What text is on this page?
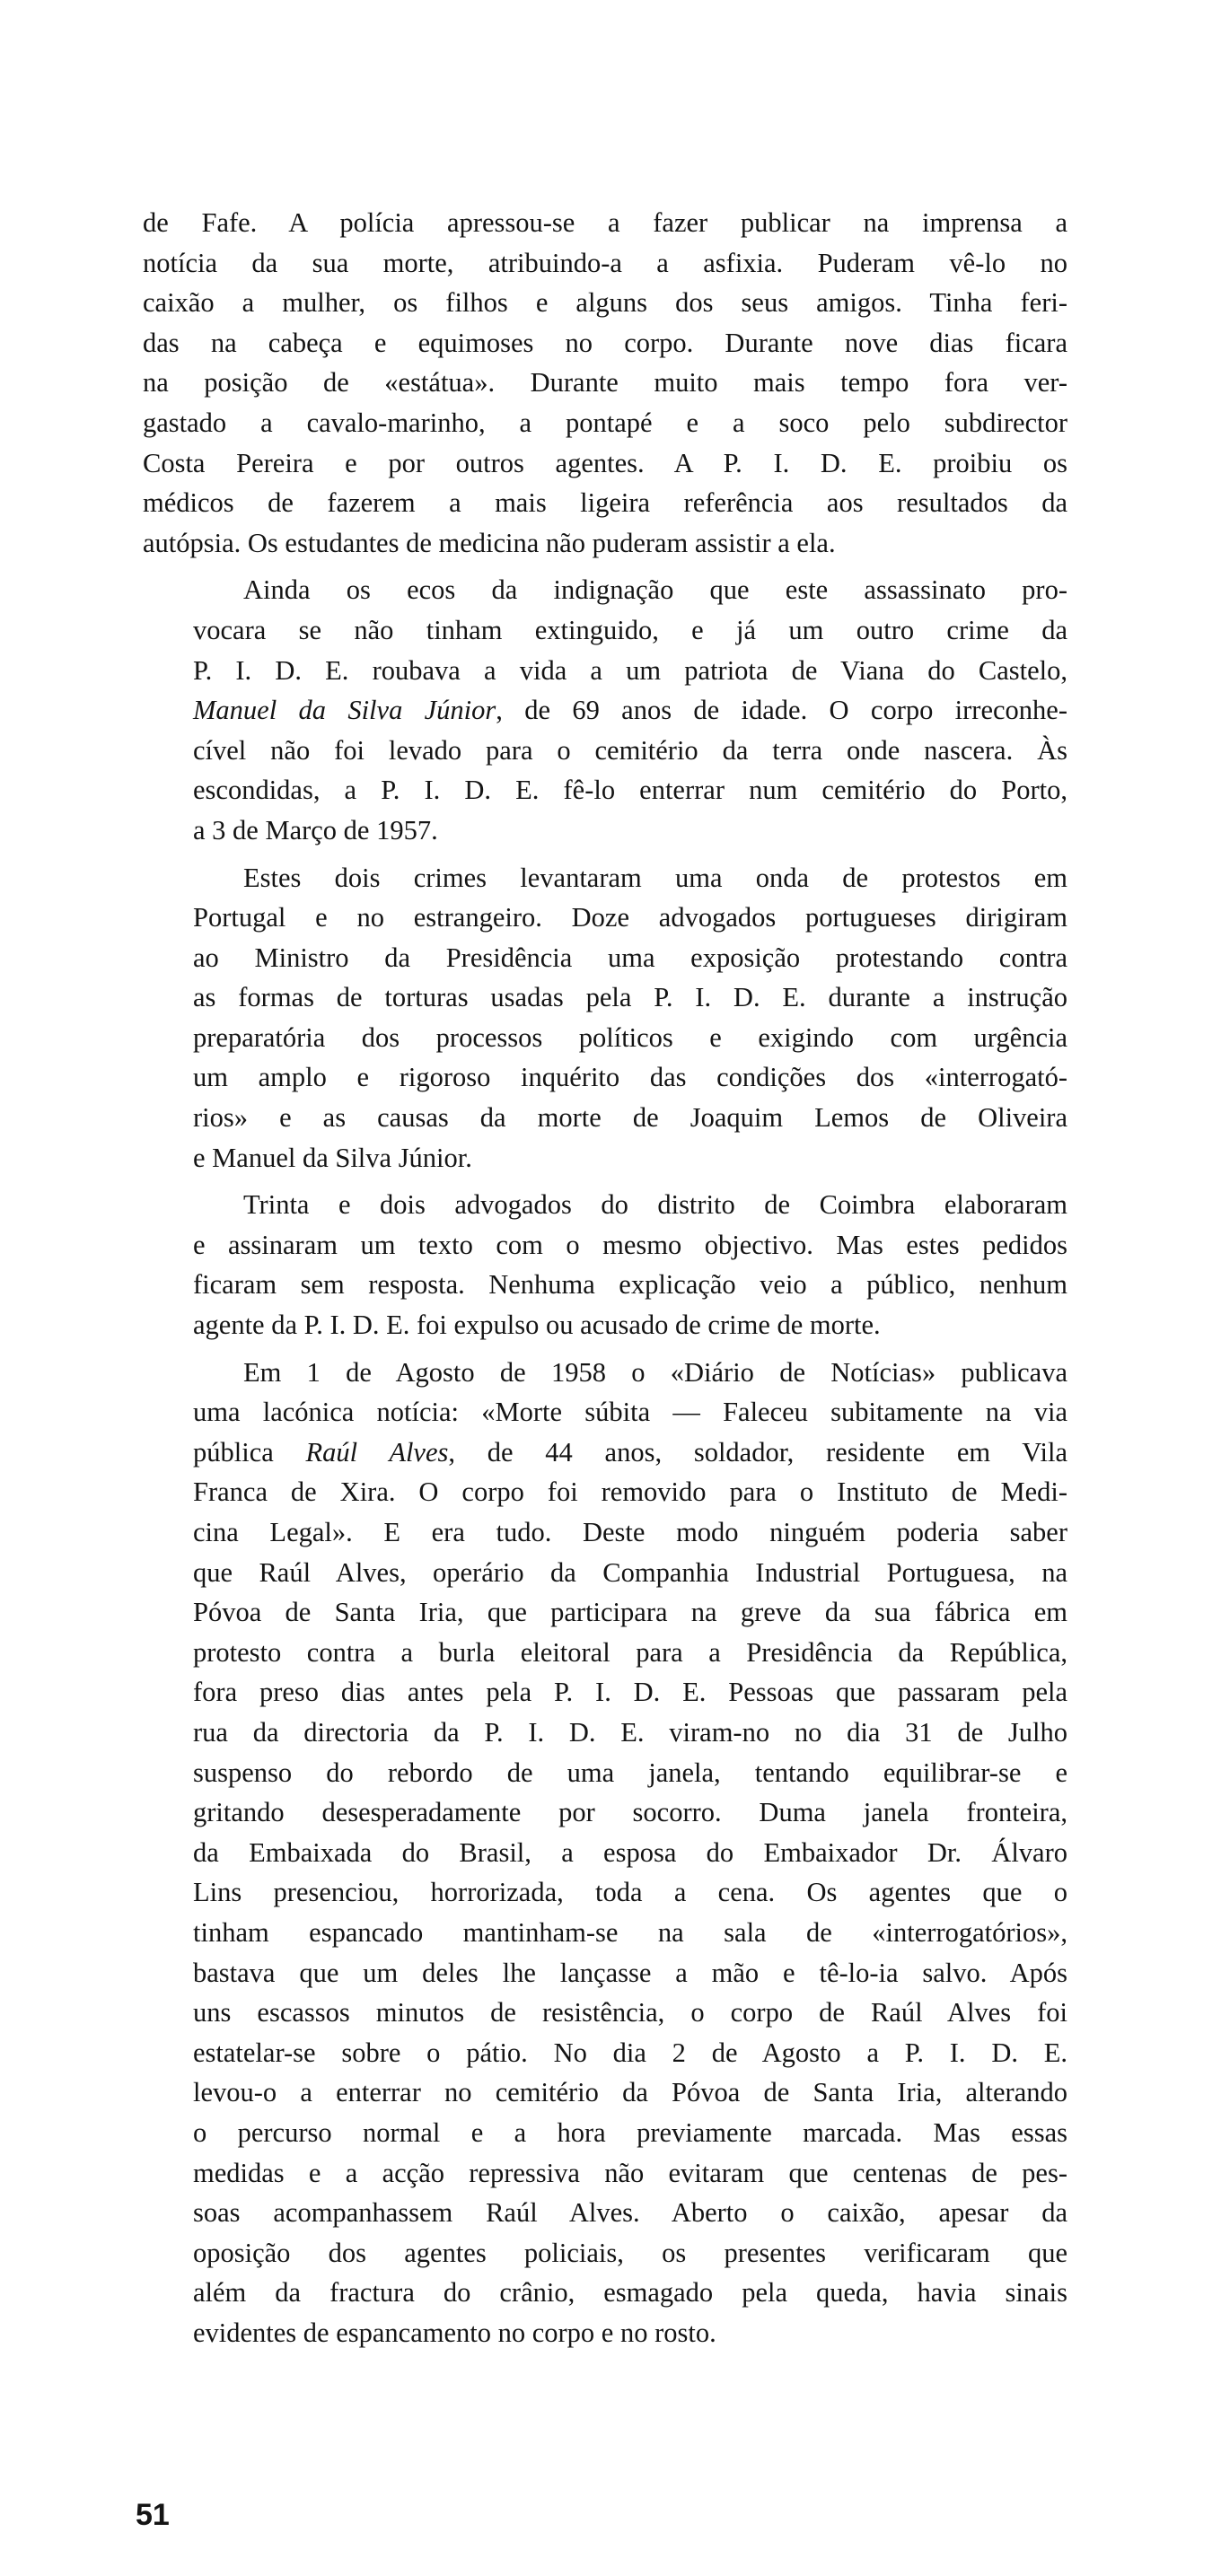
de Fafe. A polícia apressou-se a fazer publicar na imprensa a
notícia da sua morte, atribuindo-a a asfixia. Puderam vê-lo no
caixão a mulher, os filhos e alguns dos seus amigos. Tinha feri-
das na cabeça e equimoses no corpo. Durante nove dias ficara
na posição de «estátua». Durante muito mais tempo fora ver-
gastado a cavalo-marinho, a pontapé e a soco pelo subdirector
Costa Pereira e por outros agentes. A P. I. D. E. proibiu os
médicos de fazerem a mais ligeira referência aos resultados da
autópsia. Os estudantes de medicina não puderam assistir a ela.

Ainda os ecos da indignação que este assassinato pro-
vocara se não tinham extinguido, e já um outro crime da
P. I. D. E. roubava a vida a um patriota de Viana do Castelo,
Manuel da Silva Júnior, de 69 anos de idade. O corpo irreconhe-
cível não foi levado para o cemitério da terra onde nascera. Às
escondidas, a P. I. D. E. fê-lo enterrar num cemitério do Porto,
a 3 de Março de 1957.

Estes dois crimes levantaram uma onda de protestos em
Portugal e no estrangeiro. Doze advogados portugueses dirigiram
ao Ministro da Presidência uma exposição protestando contra
as formas de torturas usadas pela P. I. D. E. durante a instrução
preparatória dos processos políticos e exigindo com urgência
um amplo e rigoroso inquérito das condições dos «interrogató-
rios» e as causas da morte de Joaquim Lemos de Oliveira
e Manuel da Silva Júnior.

Trinta e dois advogados do distrito de Coimbra elaboraram
e assinaram um texto com o mesmo objectivo. Mas estes pedidos
ficaram sem resposta. Nenhuma explicação veio a público, nenhum
agente da P. I. D. E. foi expulso ou acusado de crime de morte.

Em 1 de Agosto de 1958 o «Diário de Notícias» publicava
uma lacónica notícia: «Morte súbita — Faleceu subitamente na via
pública Raúl Alves, de 44 anos, soldador, residente em Vila
Franca de Xira. O corpo foi removido para o Instituto de Medi-
cina Legal». E era tudo. Deste modo ninguém poderia saber
que Raúl Alves, operário da Companhia Industrial Portuguesa, na
Póvoa de Santa Iria, que participara na greve da sua fábrica em
protesto contra a burla eleitoral para a Presidência da República,
fora preso dias antes pela P. I. D. E. Pessoas que passaram pela
rua da directoria da P. I. D. E. viram-no no dia 31 de Julho
suspenso do rebordo de uma janela, tentando equilibrar-se e
gritando desesperadamente por socorro. Duma janela fronteira,
da Embaixada do Brasil, a esposa do Embaixador Dr. Álvaro
Lins presenciou, horrorizada, toda a cena. Os agentes que o
tinham espancado mantinham-se na sala de «interrogatórios»,
bastava que um deles lhe lançasse a mão e tê-lo-ia salvo. Após
uns escassos minutos de resistência, o corpo de Raúl Alves foi
estatelar-se sobre o pátio. No dia 2 de Agosto a P. I. D. E.
levou-o a enterrar no cemitério da Póvoa de Santa Iria, alterando
o percurso normal e a hora previamente marcada. Mas essas
medidas e a acção repressiva não evitaram que centenas de pes-
soas acompanhassem Raúl Alves. Aberto o caixão, apesar da
oposição dos agentes policiais, os presentes verificaram que
além da fractura do crânio, esmagado pela queda, havia sinais
evidentes de espancamento no corpo e no rosto.

51
